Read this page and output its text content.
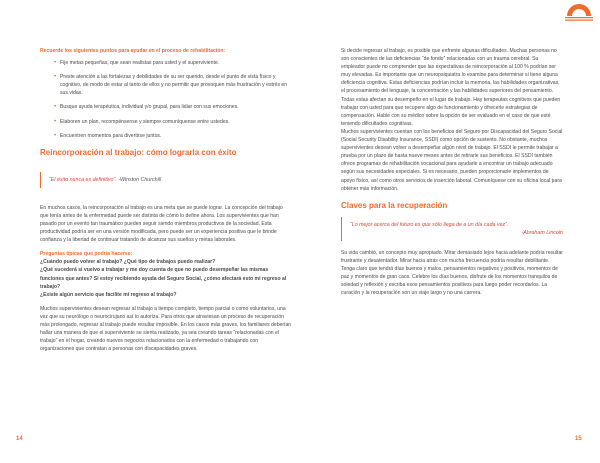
Recuerde los siguientes puntos para ayudar en el proceso de rehabilitación:

• Fije metas pequeñas, que sean realistas para usted y el superviviente.
• Preste atención a las fortalezas y debilidades de su ser querido, desde el punto de vista físico y cognitivo, de modo de estar al tanto de ellos y no permitir que provoquen más frustración y estrés en sus vidas.
• Busque ayuda terapéutica, individual y/o grupal, para lidiar con sus emociones.
• Elaboren un plan, recompénsense y siempre comuníquense entre ustedes.
• Encuentren momentos para divertirse juntos.

Reincorporación al trabajo: cómo lograrla con éxito

“El éxito nunca es definitivo”. -Winston Churchill

En muchos casos, la reincorporación al trabajo es una meta que se puede lograr. La concepción del trabajo que tenía antes de la enfermedad puede ser distinta de cómo lo define ahora. Los supervivientes que han pasado por un evento tan traumático pueden seguir siendo miembros productivos de la sociedad. Esta productividad podría ser en una versión modificada, pero puede ser un experiencia positiva que le brinde confianza y la libertad de continuar tratando de alcanzar sus sueños y metas laborales.

Preguntas típicas que podría hacerse:

¿Cuándo puedo volver al trabajo? ¿Qué tipo de trabajos puedo realizar?

¿Qué sucederá si vuelvo a trabajar y me doy cuenta de que no puedo desempeñar las mismas funciones que antes? Si estoy recibiendo ayuda del Seguro Social, ¿cómo afectará esto mi regreso al trabajo?

¿Existe algún servicio que facilite mi regreso al trabajo?

Muchos supervivientes desean regresar al trabajo a tiempo completo, tiempo parcial o como voluntarios, una vez que su neurólogo o neurocirujano así lo autoriza. Para otros que atraviesan un proceso de recuperación más prolongado, regresar al trabajo puede resultar imposible. En los casos más graves, los familiares deberían hallar una manera de que el superviviente se sienta realizado, ya sea creando tareas “relacionadas con el trabajo” en el hogar, creando nuevos negocios relacionados con la enfermedad o trabajando con organizaciones que contratan a personas con discapacidades graves.

Si decide regresar al trabajo, es posible que enfrente algunas dificultades. Muchas personas no son conscientes de las deficiencias “de fondo” relacionadas con un trauma cerebral. Su empleador puede no comprender que las expectativas de reincorporación al 100 % podrían ser muy elevadas. Es importante que un neuropsiquiatra lo examine para determinar si tiene alguna deficiencia cognitiva. Estas deficiencias podrían incluir la memoria, las habilidades organizativas, el procesamiento del lenguaje, la concentración y las habilidades superiores del pensamiento. Todas estas afectan su desempeño en el lugar de trabajo. Hay terapeutas cognitivos que pueden trabajar con usted para que recupere algo de funcionamiento y ofrecerle estrategias de compensación. Hable con su médico sobre la opción de ser evaluado en el caso de que esté teniendo dificultades cognitivas.

Muchos supervivientes cuentan con los beneficios del Seguro por Discapacidad del Seguro Social (Social Security Disability Insurance, SSDI) como opción de sustento. No obstante, muchos supervivientes desean volver a desempeñar algún nivel de trabajo. El SSDI le permite trabajar a prueba por un plazo de hasta nueve meses antes de retirarle sus beneficios. El SSDI también ofrece programas de rehabilitación vocacional para ayudarle a encontrar un trabajo adecuado según sus necesidades especiales. Si es necesario, pueden proporcionarle implementos de apoyo físico, así como otros servicios de inserción laboral. Comuníquese con su oficina local para obtener más información.

Claves para la recuperación

“Lo mejor acerca del futuro es que sólo llega de a un día cada vez”.
-Abraham Lincoln

Su vida cambió, un concepto muy apropiado. Mirar demasiado lejos hacia adelante podría resultar frustrante y desalentador. Mirar hacia atrás con mucha frecuencia podría resultar debilitante. Tenga claro que tendrá días buenos y malos, pensamientos negativos y positivos, momentos de paz y momentos de gran caos. Celebre los días buenos, disfrute de los momentos tranquilos de soledad y reflexión y escriba esos pensamientos positivos para luego poder recordarlos. La curación y la recuperación son un viaje largo y no una carrera.

14	15
